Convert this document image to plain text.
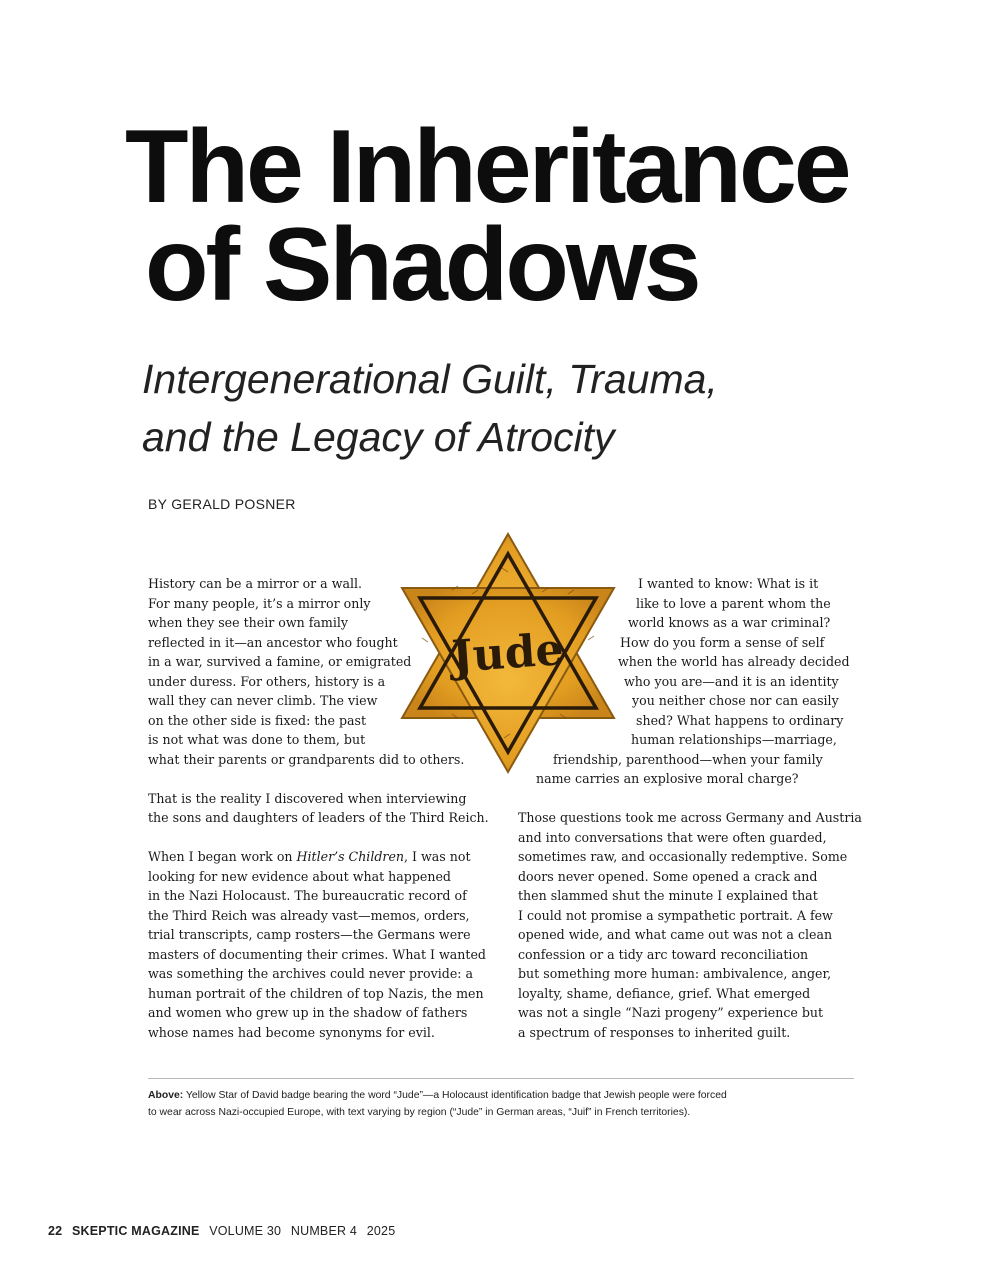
The Inheritance
of Shadows
Intergenerational Guilt, Trauma,
and the Legacy of Atrocity
BY GERALD POSNER
History can be a mirror or a wall.
For many people, it’s a mirror only
when they see their own family
reflected in it—an ancestor who fought
in a war, survived a famine, or emigrated
under duress. For others, history is a
wall they can never climb. The view
on the other side is fixed: the past
is not what was done to them, but
what their parents or grandparents did to others.
That is the reality I discovered when interviewing
the sons and daughters of leaders of the Third Reich.
When I began work on Hitler’s Children, I was not
looking for new evidence about what happened
in the Nazi Holocaust. The bureaucratic record of
the Third Reich was already vast—memos, orders,
trial transcripts, camp rosters—the Germans were
masters of documenting their crimes. What I wanted
was something the archives could never provide: a
human portrait of the children of top Nazis, the men
and women who grew up in the shadow of fathers
whose names had become synonyms for evil.
I wanted to know: What is it
like to love a parent whom the
world knows as a war criminal?
How do you form a sense of self
when the world has already decided
who you are—and it is an identity
you neither chose nor can easily
shed? What happens to ordinary
human relationships—marriage,
friendship, parenthood—when your family
name carries an explosive moral charge?
Those questions took me across Germany and Austria
and into conversations that were often guarded,
sometimes raw, and occasionally redemptive. Some
doors never opened. Some opened a crack and
then slammed shut the minute I explained that
I could not promise a sympathetic portrait. A few
opened wide, and what came out was not a clean
confession or a tidy arc toward reconciliation
but something more human: ambivalence, anger,
loyalty, shame, defiance, grief. What emerged
was not a single “Nazi progeny” experience but
a spectrum of responses to inherited guilt.
Jude
Above: Yellow Star of David badge bearing the word “Jude”—a Holocaust identification badge that Jewish people were forced
to wear across Nazi-occupied Europe, with text varying by region (“Jude” in German areas, “Juif” in French territories).
22 SKEPTIC MAGAZINE VOLUME 30 NUMBER 4 2025
